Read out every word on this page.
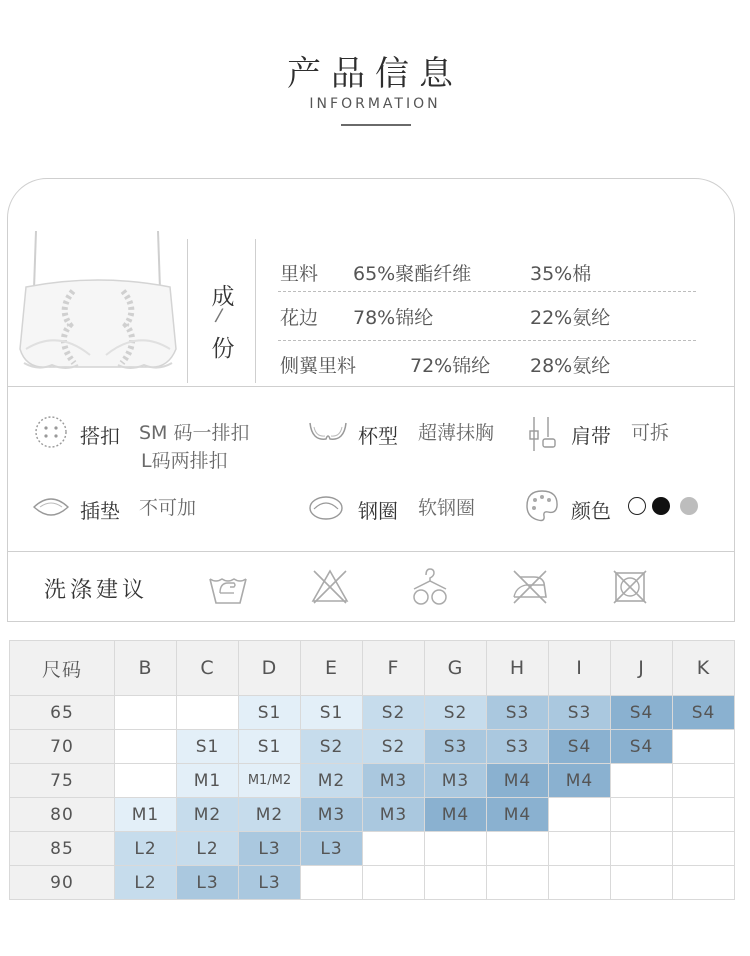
产品信息
INFORMATION
成份
/
里料 65%聚酯纤维	35%棉
花边 78%锦纶	22%氨纶
侧翼里料	72%锦纶 28%氨纶
搭扣 SM 码一排扣
L码两排扣
杯型 超薄抹胸	肩带 可拆
插垫 不可加	钢圈 软钢圈	颜色
洗涤建议
尺码	B	C	D	E	F	G	H	I	J	K
65			S1	S1	S2	S2	S3	S3	S4	S4
70		S1	S1	S2	S2	S3	S3	S4	S4	
75		M1	M1/M2	M2	M3	M3	M4	M4		
80	M1	M2	M2	M3	M3	M4	M4			
85	L2	L2	L3	L3						
90	L2	L3	L3							
